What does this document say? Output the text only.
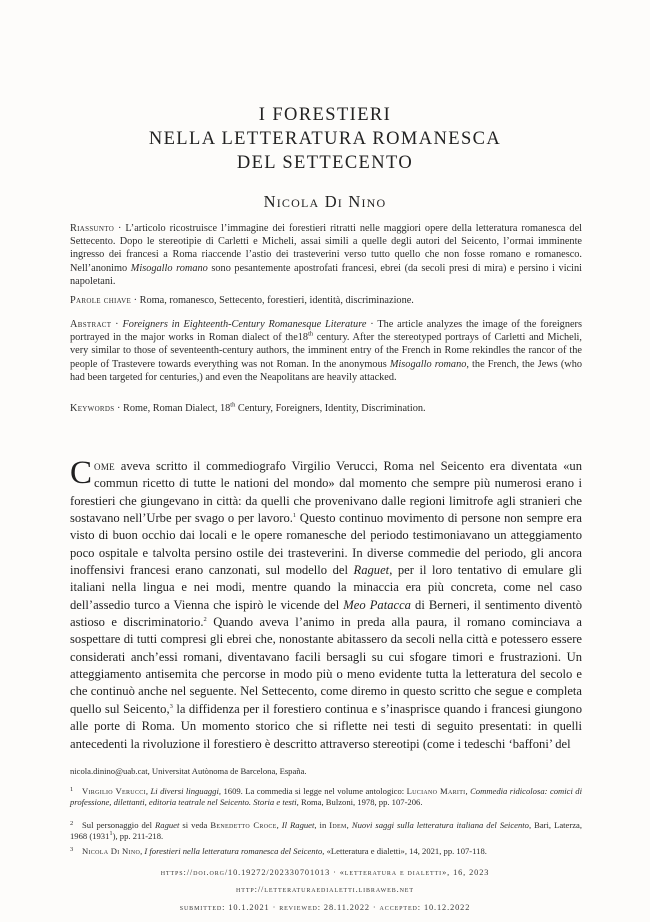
I FORESTIERI
NELLA LETTERATURA ROMANESCA
DEL SETTECENTO
Nicola Di Nino
Riassunto · L’articolo ricostruisce l’immagine dei forestieri ritratti nelle maggiori opere della letteratura romanesca del Settecento. Dopo le stereotipie di Carletti e Micheli, assai simili a quelle degli autori del Seicento, l’ormai imminente ingresso dei francesi a Roma riaccende l’astio dei trasteverini verso tutto quello che non fosse romano e romanesco. Nell’anonimo Misogallo romano sono pesantemente apostrofati francesi, ebrei (da secoli presi di mira) e persino i vicini napoletani.
Parole chiave · Roma, romanesco, Settecento, forestieri, identità, discriminazione.
Abstract · Foreigners in Eighteenth-Century Romanesque Literature · The article analyzes the image of the foreigners portrayed in the major works in Roman dialect of the18th century. After the stereotyped portrays of Carletti and Micheli, very similar to those of seventeenth-century authors, the imminent entry of the French in Rome rekindles the rancor of the people of Trastevere towards everything was not Roman. In the anonymous Misogallo romano, the French, the Jews (who had been targeted for centuries,) and even the Neapolitans are heavily attacked.
Keywords · Rome, Roman Dialect, 18th Century, Foreigners, Identity, Discrimination.
Come aveva scritto il commediografo Virgilio Verucci, Roma nel Seicento era diventata «un commun ricetto di tutte le nationi del mondo» dal momento che sempre più numerosi erano i forestieri che giungevano in città: da quelli che provenivano dalle regioni limitrofe agli stranieri che sostavano nell’Urbe per svago o per lavoro.$^1$ Questo continuo movimento di persone non sempre era visto di buon occhio dai locali e le opere romanesche del periodo testimoniavano un atteggiamento poco ospitale e talvolta persino ostile dei trasteverini. In diverse commedie del periodo, gli ancora inoffensivi francesi erano canzonati, sul modello del Raguet, per il loro tentativo di emulare gli italiani nella lingua e nei modi, mentre quando la minaccia era più concreta, come nel caso dell’assedio turco a Vienna che ispirò le vicende del Meo Patacca di Berneri, il sentimento diventò astioso e discriminatorio.$^2$ Quando aveva l’animo in preda alla paura, il romano cominciava a sospettare di tutti compresi gli ebrei che, nonostante abitassero da secoli nella città e potessero essere considerati anch’essi romani, diventavano facili bersagli su cui sfogare timori e frustrazioni. Un atteggiamento antisemita che percorse in modo più o meno evidente tutta la letteratura del secolo e che continuò anche nel seguente. Nel Settecento, come diremo in questo scritto che segue e completa quello sul Seicento,$^3$ la diffidenza per il forestiero continua e s’inasprisce quando i francesi giungono alle porte di Roma. Un momento storico che si riflette nei testi di seguito presentati: in quelli antecedenti la rivoluzione il forestiero è descritto attraverso stereotipi (come i tedeschi ‘baffoni’ del
nicola.dinino@uab.cat, Universitat Autònoma de Barcelona, España.
1 Virgilio Verucci, Li diversi linguaggi, 1609. La commedia si legge nel volume antologico: Luciano Mariti, Commedia ridicolosa: comici di professione, dilettanti, editoria teatrale nel Seicento. Storia e testi, Roma, Bulzoni, 1978, pp. 107-206.
2 Sul personaggio del Raguet si veda Benedetto Croce, Il Raguet, in Idem, Nuovi saggi sulla letteratura italiana del Seicento, Bari, Laterza, 1968 (1931$^1$), pp. 211-218.
3 Nicola Di Nino, I forestieri nella letteratura romanesca del Seicento, «Letteratura e dialetti», 14, 2021, pp. 107-118.
https://doi.org/10.19272/202330701013 · «letteratura e dialetti», 16, 2023
http://letteraturaedialetti.libraweb.net
submitted: 10.1.2021 · reviewed: 28.11.2022 · accepted: 10.12.2022
